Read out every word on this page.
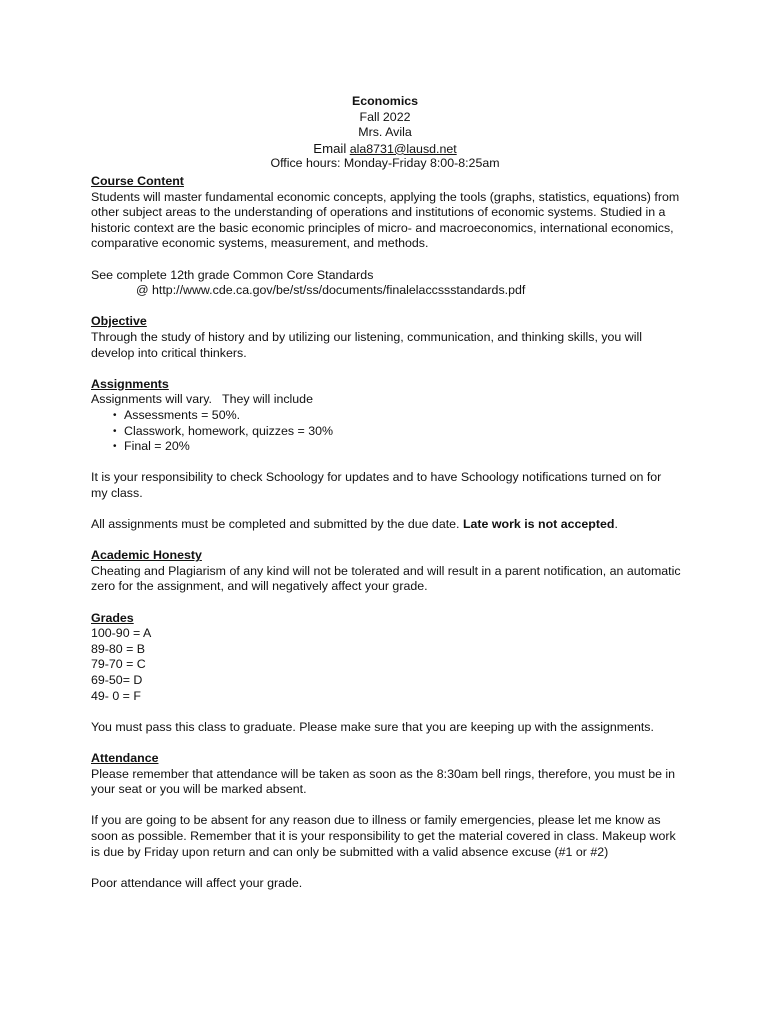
Economics
Fall 2022
Mrs. Avila
Email ala8731@lausd.net
Office hours: Monday-Friday 8:00-8:25am
Course Content

Students will master fundamental economic concepts, applying the tools (graphs, statistics, equations) from other subject areas to the understanding of operations and institutions of economic systems. Studied in a historic context are the basic economic principles of micro- and macroeconomics, international economics, comparative economic systems, measurement, and methods.

See complete 12th grade Common Core Standards

@ http://www.cde.ca.gov/be/st/ss/documents/finalelaccssstandards.pdf

Objective

Through the study of history and by utilizing our listening, communication, and thinking skills, you will develop into critical thinkers.

Assignments

Assignments will vary.   They will include

• Assessments = 50%.
• Classwork, homework, quizzes = 30%
• Final = 20%

It is your responsibility to check Schoology for updates and to have Schoology notifications turned on for my class.

All assignments must be completed and submitted by the due date. Late work is not accepted.

Academic Honesty

Cheating and Plagiarism of any kind will not be tolerated and will result in a parent notification, an automatic zero for the assignment, and will negatively affect your grade.

Grades

100-90 = A

89-80 = B

79-70 = C

69-50= D

49- 0 = F

You must pass this class to graduate. Please make sure that you are keeping up with the assignments.

Attendance

Please remember that attendance will be taken as soon as the 8:30am bell rings, therefore, you must be in your seat or you will be marked absent.

If you are going to be absent for any reason due to illness or family emergencies, please let me know as soon as possible. Remember that it is your responsibility to get the material covered in class. Makeup work is due by Friday upon return and can only be submitted with a valid absence excuse (#1 or #2)

Poor attendance will affect your grade.
